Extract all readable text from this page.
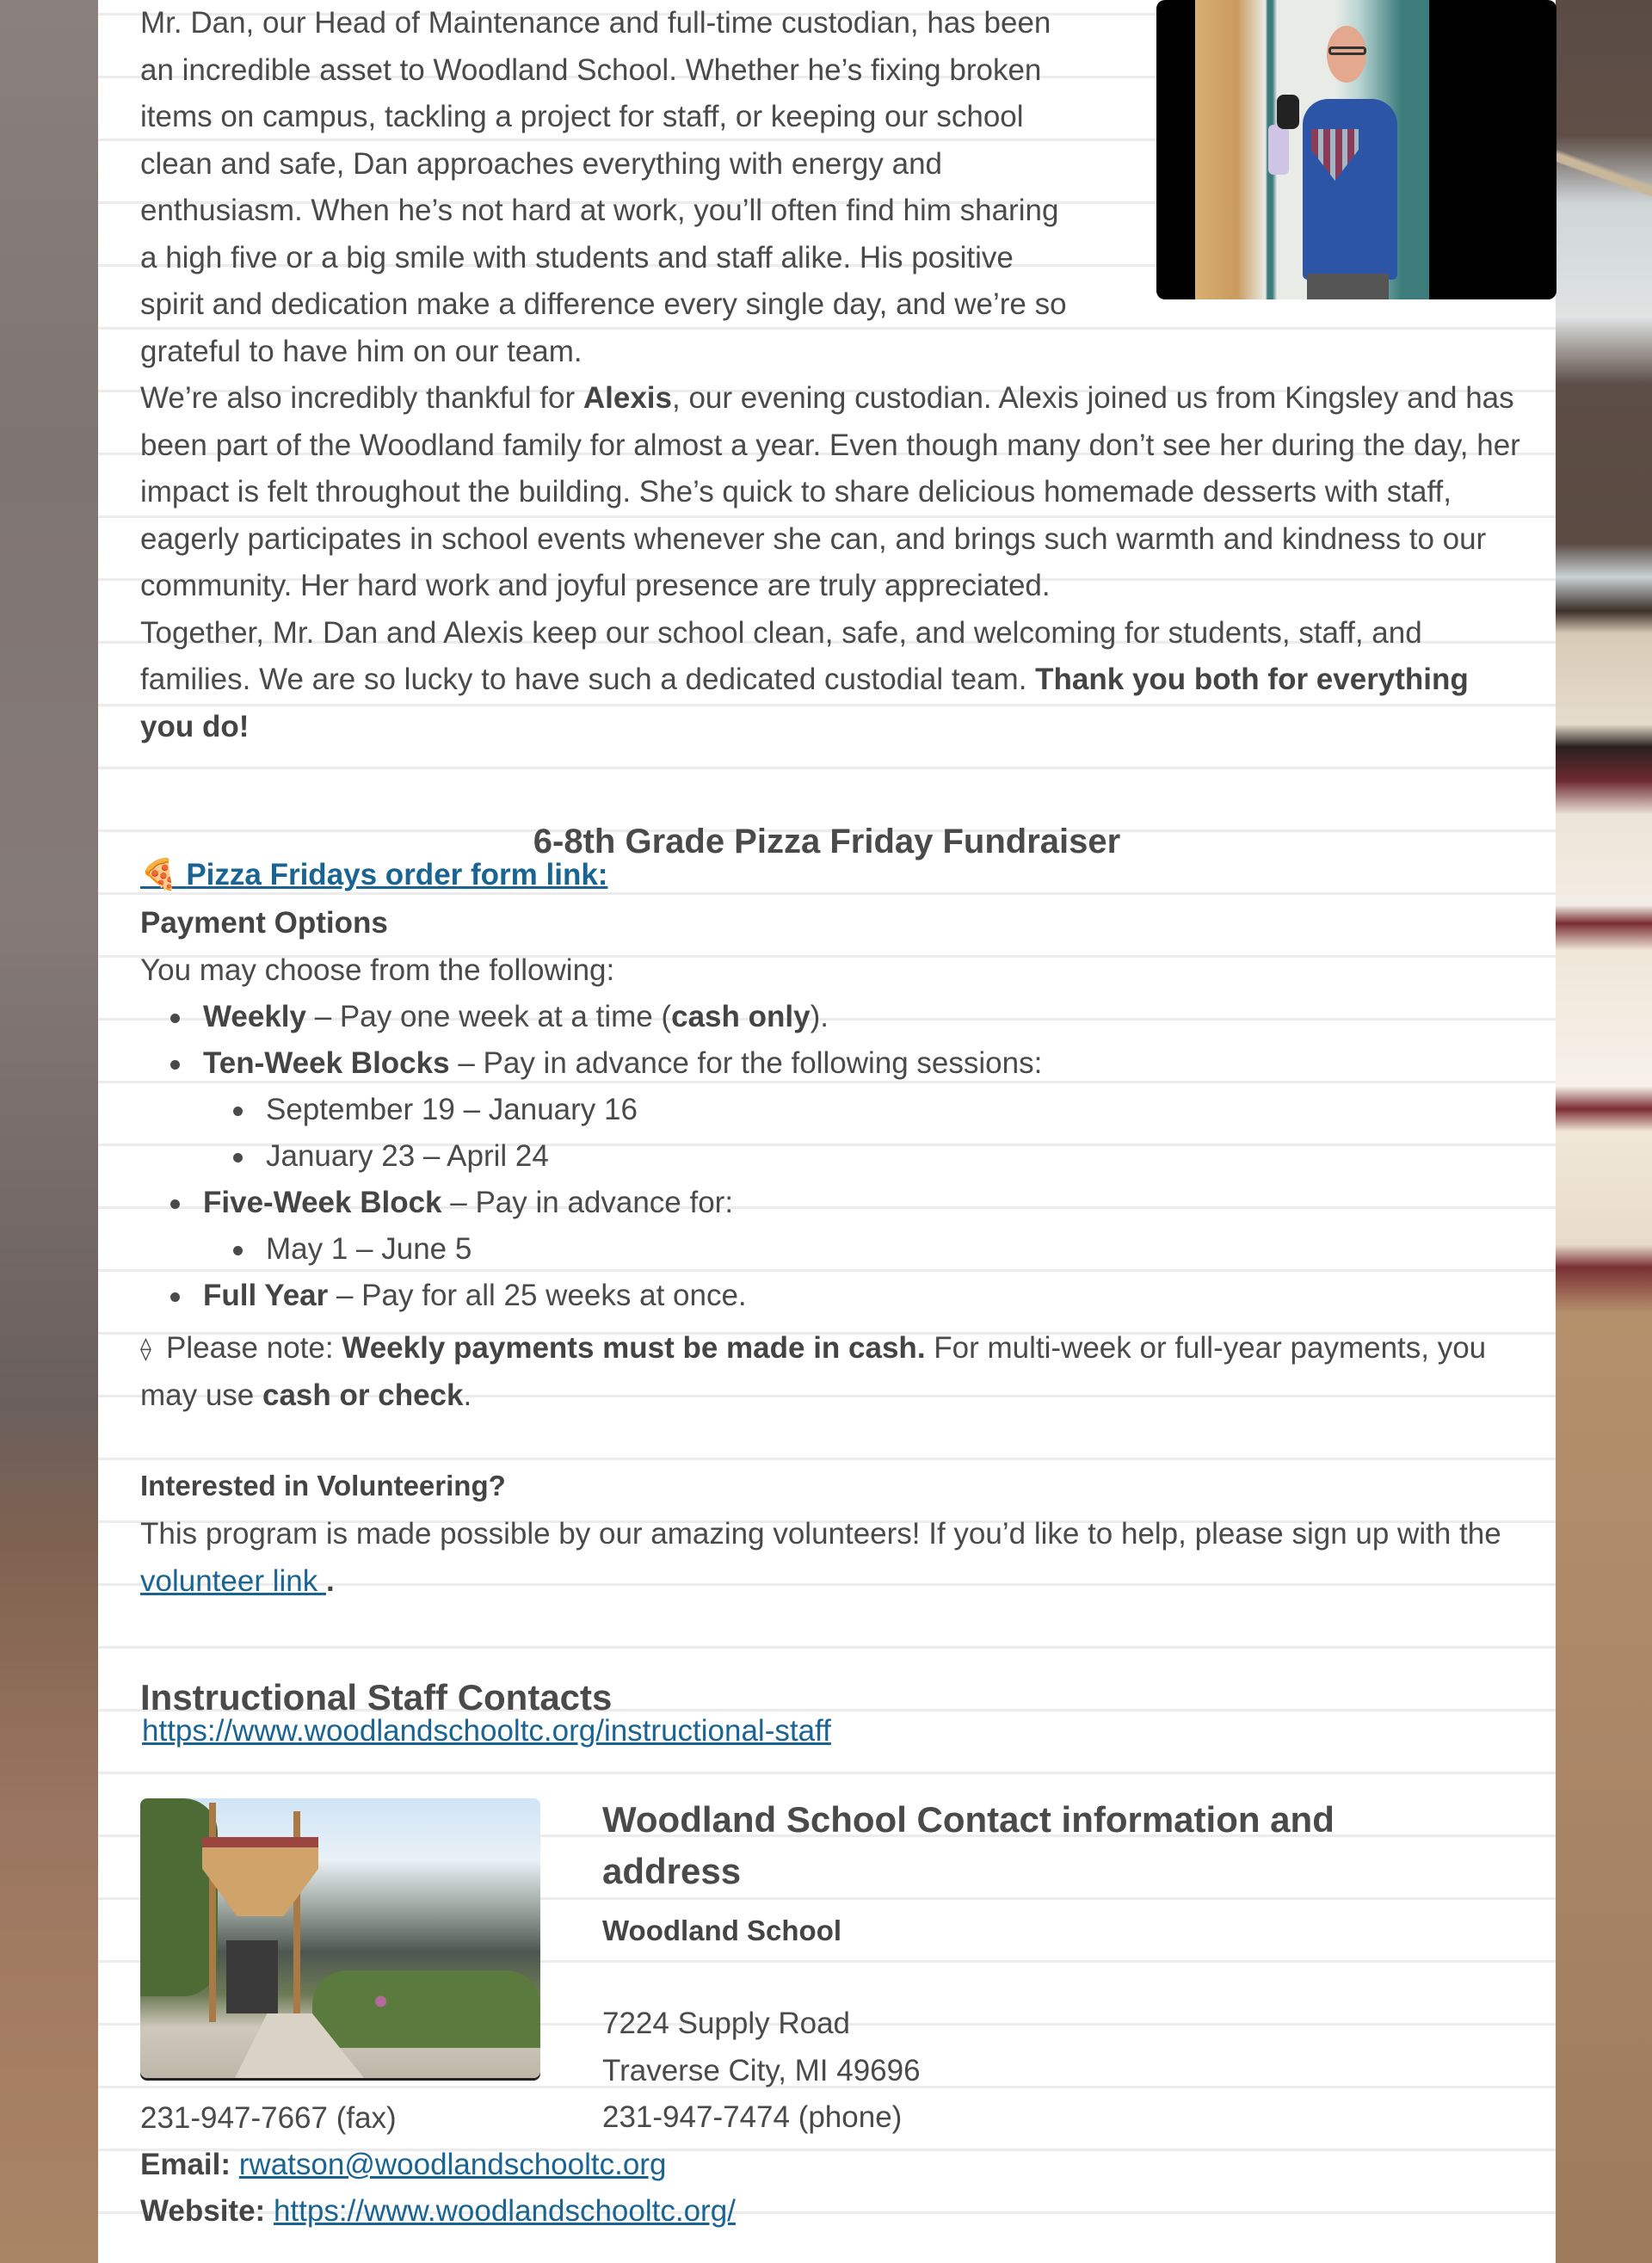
Mr. Dan, our Head of Maintenance and full-time custodian, has been an incredible asset to Woodland School. Whether he’s fixing broken items on campus, tackling a project for staff, or keeping our school clean and safe, Dan approaches everything with energy and enthusiasm. When he’s not hard at work, you’ll often find him sharing a high five or a big smile with students and staff alike. His positive spirit and dedication make a difference every single day, and we’re so grateful to have him on our team.

We’re also incredibly thankful for Alexis, our evening custodian. Alexis joined us from Kingsley and has been part of the Woodland family for almost a year. Even though many don’t see her during the day, her impact is felt throughout the building. She’s quick to share delicious homemade desserts with staff, eagerly participates in school events whenever she can, and brings such warmth and kindness to our community. Her hard work and joyful presence are truly appreciated.

Together, Mr. Dan and Alexis keep our school clean, safe, and welcoming for students, staff, and families. We are so lucky to have such a dedicated custodial team. Thank you both for everything you do!

6-8th Grade Pizza Friday Fundraiser
🍕 Pizza Fridays order form link:
Payment Options

You may choose from the following:

Weekly – Pay one week at a time (cash only).
Ten-Week Blocks – Pay in advance for the following sessions:
September 19 – January 16
January 23 – April 24
Five-Week Block – Pay in advance for:
May 1 – June 5
Full Year – Pay for all 25 weeks at once.

⟠ Please note: Weekly payments must be made in cash. For multi-week or full-year payments, you may use cash or check.

Interested in Volunteering?

This program is made possible by our amazing volunteers! If you’d like to help, please sign up with the volunteer link .

Instructional Staff Contacts
https://www.woodlandschooltc.org/instructional-staff
Woodland School Contact information and address
Woodland School

7224 Supply Road

Traverse City, MI 49696

231-947-7474 (phone)

231-947-7667 (fax)

Email: rwatson@woodlandschooltc.org

Website: https://www.woodlandschooltc.org/
